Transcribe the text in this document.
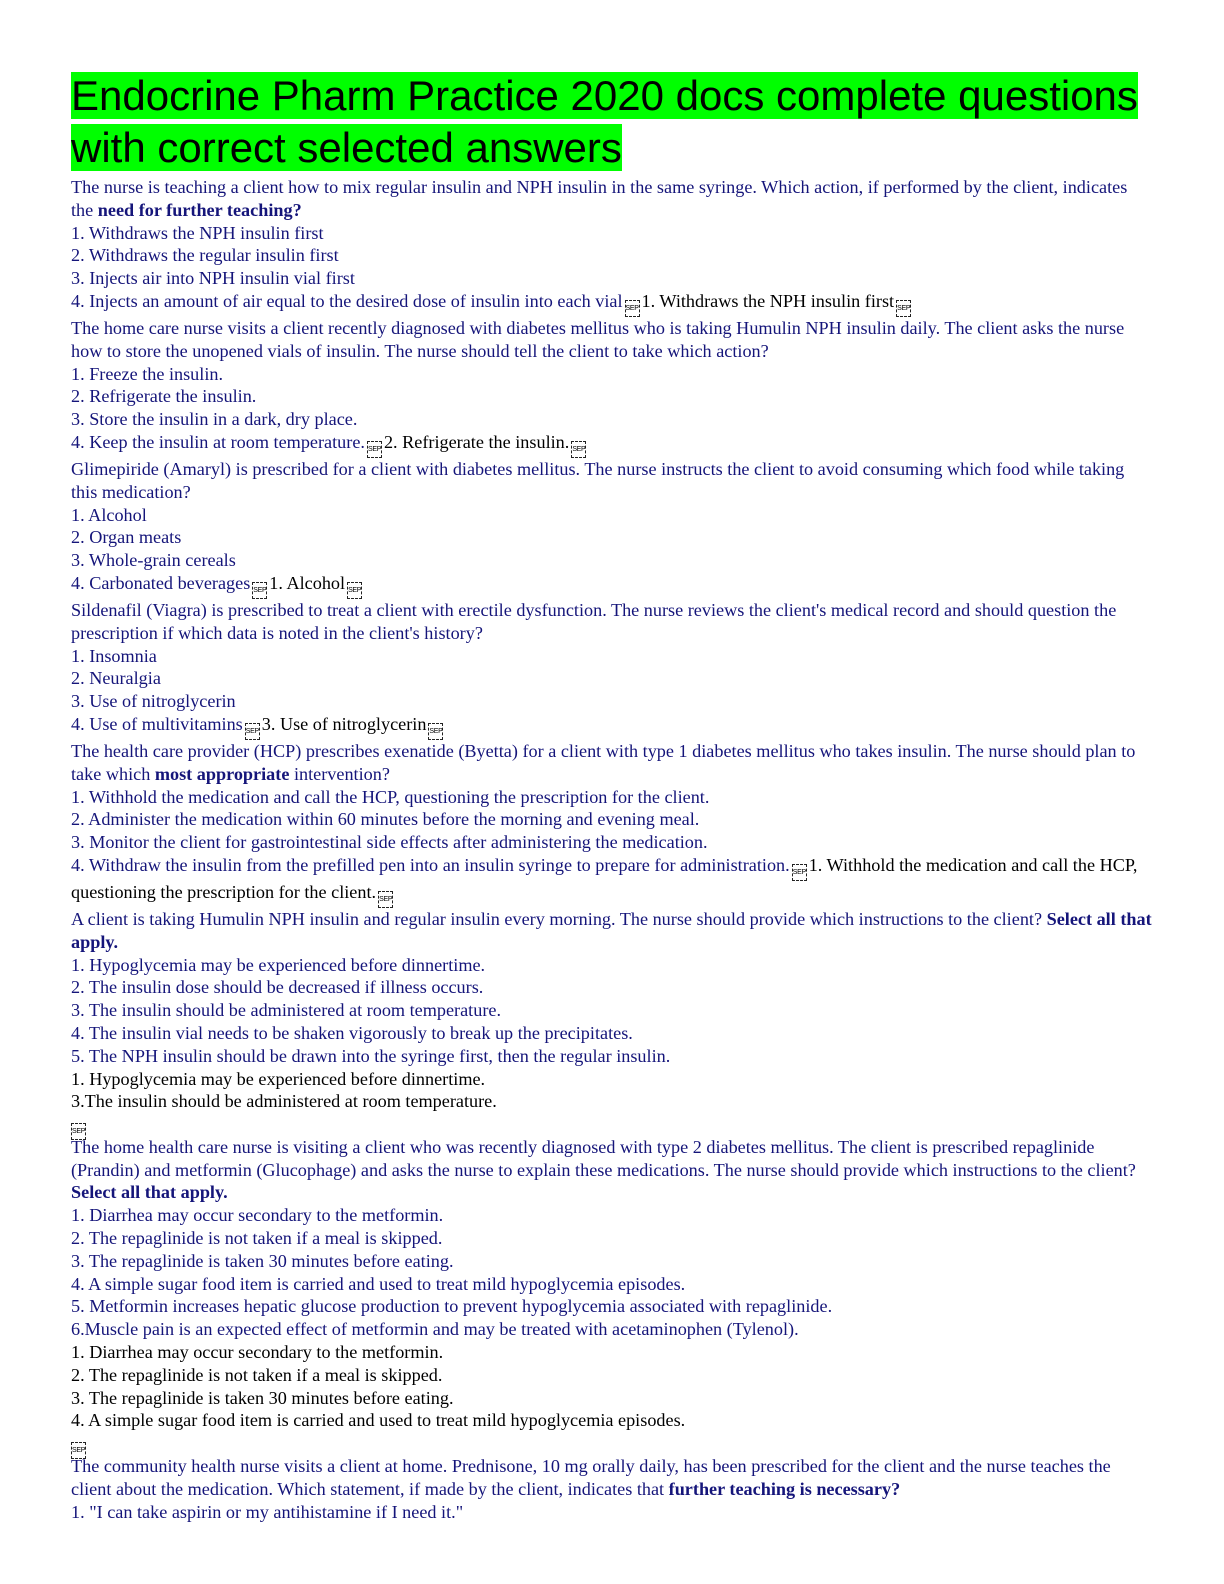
Endocrine Pharm Practice 2020 docs complete questions with correct selected answers
The nurse is teaching a client how to mix regular insulin and NPH insulin in the same syringe. Which action, if performed by the client, indicates the need for further teaching?
1. Withdraws the NPH insulin first
2. Withdraws the regular insulin first
3. Injects air into NPH insulin vial first
4. Injects an amount of air equal to the desired dose of insulin into each vial SEP 1. Withdraws the NPH insulin first SEP
The home care nurse visits a client recently diagnosed with diabetes mellitus who is taking Humulin NPH insulin daily. The client asks the nurse how to store the unopened vials of insulin. The nurse should tell the client to take which action?
1. Freeze the insulin.
2. Refrigerate the insulin.
3. Store the insulin in a dark, dry place.
4. Keep the insulin at room temperature. SEP 2. Refrigerate the insulin. SEP
Glimepiride (Amaryl) is prescribed for a client with diabetes mellitus. The nurse instructs the client to avoid consuming which food while taking this medication?
1. Alcohol
2. Organ meats
3. Whole-grain cereals
4. Carbonated beverages SEP 1. Alcohol SEP
Sildenafil (Viagra) is prescribed to treat a client with erectile dysfunction. The nurse reviews the client's medical record and should question the prescription if which data is noted in the client's history?
1. Insomnia
2. Neuralgia
3. Use of nitroglycerin
4. Use of multivitamins SEP 3. Use of nitroglycerin SEP
The health care provider (HCP) prescribes exenatide (Byetta) for a client with type 1 diabetes mellitus who takes insulin. The nurse should plan to take which most appropriate intervention?
1. Withhold the medication and call the HCP, questioning the prescription for the client.
2. Administer the medication within 60 minutes before the morning and evening meal.
3. Monitor the client for gastrointestinal side effects after administering the medication.
4. Withdraw the insulin from the prefilled pen into an insulin syringe to prepare for administration. SEP 1. Withhold the medication and call the HCP, questioning the prescription for the client. SEP
A client is taking Humulin NPH insulin and regular insulin every morning. The nurse should provide which instructions to the client? Select all that apply.
1. Hypoglycemia may be experienced before dinnertime.
2. The insulin dose should be decreased if illness occurs.
3. The insulin should be administered at room temperature.
4. The insulin vial needs to be shaken vigorously to break up the precipitates.
5. The NPH insulin should be drawn into the syringe first, then the regular insulin.
1. Hypoglycemia may be experienced before dinnertime.
3.The insulin should be administered at room temperature.
SEP
The home health care nurse is visiting a client who was recently diagnosed with type 2 diabetes mellitus. The client is prescribed repaglinide (Prandin) and metformin (Glucophage) and asks the nurse to explain these medications. The nurse should provide which instructions to the client? Select all that apply.
1. Diarrhea may occur secondary to the metformin.
2. The repaglinide is not taken if a meal is skipped.
3. The repaglinide is taken 30 minutes before eating.
4. A simple sugar food item is carried and used to treat mild hypoglycemia episodes.
5. Metformin increases hepatic glucose production to prevent hypoglycemia associated with repaglinide.
6.Muscle pain is an expected effect of metformin and may be treated with acetaminophen (Tylenol).
1. Diarrhea may occur secondary to the metformin.
2. The repaglinide is not taken if a meal is skipped.
3. The repaglinide is taken 30 minutes before eating.
4. A simple sugar food item is carried and used to treat mild hypoglycemia episodes.
SEP
The community health nurse visits a client at home. Prednisone, 10 mg orally daily, has been prescribed for the client and the nurse teaches the client about the medication. Which statement, if made by the client, indicates that further teaching is necessary?
1. "I can take aspirin or my antihistamine if I need it."
